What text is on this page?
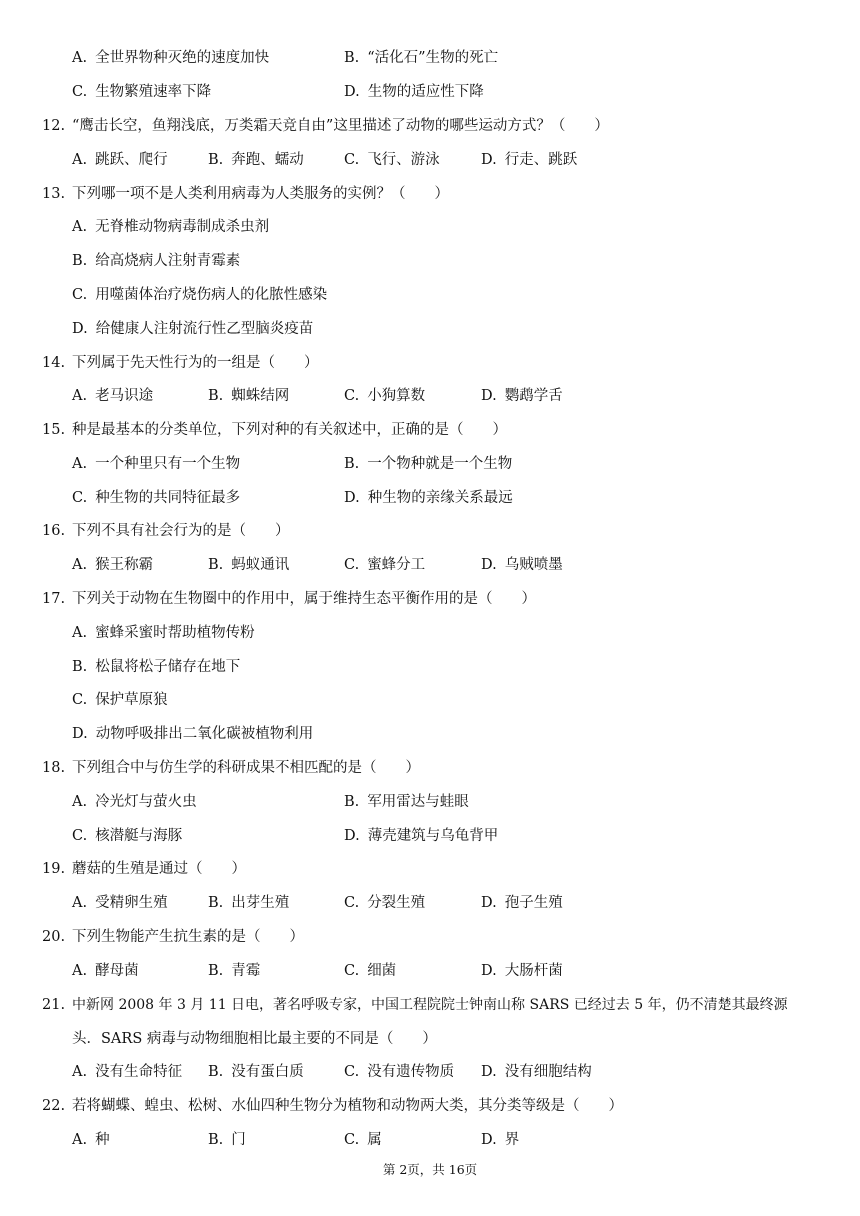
A. 全世界物种灭绝的速度加快	B. “活化石”生物的死亡
C. 生物繁殖速率下降	D. 生物的适应性下降
12. “鹰击长空，鱼翔浅底，万类霜天竞自由”这里描述了动物的哪些运动方式？（　　）
A. 跳跃、爬行	B. 奔跑、蠕动	C. 飞行、游泳	D. 行走、跳跃
13. 下列哪一项不是人类利用病毒为人类服务的实例？（　　）
A. 无脊椎动物病毒制成杀虫剂
B. 给高烧病人注射青霉素
C. 用噬菌体治疗烧伤病人的化脓性感染
D. 给健康人注射流行性乙型脑炎疫苗
14. 下列属于先天性行为的一组是（　　）
A. 老马识途	B. 蜘蛛结网	C. 小狗算数	D. 鹦鹉学舌
15. 种是最基本的分类单位，下列对种的有关叙述中，正确的是（　　）
A. 一个种里只有一个生物	B. 一个物种就是一个生物
C. 种生物的共同特征最多	D. 种生物的亲缘关系最远
16. 下列不具有社会行为的是（　　）
A. 猴王称霸	B. 蚂蚁通讯	C. 蜜蜂分工	D. 乌贼喷墨
17. 下列关于动物在生物圈中的作用中，属于维持生态平衡作用的是（　　）
A. 蜜蜂采蜜时帮助植物传粉
B. 松鼠将松子储存在地下
C. 保护草原狼
D. 动物呼吸排出二氧化碳被植物利用
18. 下列组合中与仿生学的科研成果不相匹配的是（　　）
A. 冷光灯与萤火虫	B. 军用雷达与蛙眼
C. 核潜艇与海豚	D. 薄壳建筑与乌龟背甲
19. 蘑菇的生殖是通过（　　）
A. 受精卵生殖	B. 出芽生殖	C. 分裂生殖	D. 孢子生殖
20. 下列生物能产生抗生素的是（　　）
A. 酵母菌	B. 青霉	C. 细菌	D. 大肠杆菌
21. 中新网 2008 年 3 月 11 日电，著名呼吸专家，中国工程院院士钟南山称 SARS 已经过去 5 年，仍不清楚其最终源
头．SARS 病毒与动物细胞相比最主要的不同是（　　）
A. 没有生命特征 B. 没有蛋白质	C. 没有遗传物质 D. 没有细胞结构
22. 若将蝴蝶、蝗虫、松树、水仙四种生物分为植物和动物两大类，其分类等级是（　　）
A. 种	B. 门	C. 属	D. 界
第 2页，共 16页
